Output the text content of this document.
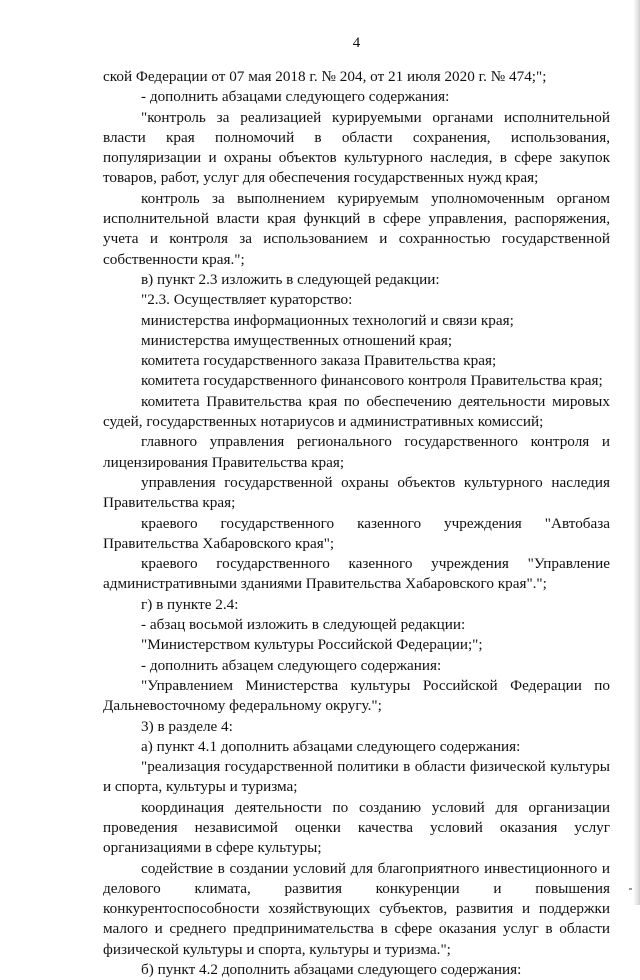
4

ской Федерации от 07 мая 2018 г. № 204, от 21 июля 2020 г. № 474;";

- дополнить абзацами следующего содержания:

"контроль за реализацией курируемыми органами исполнительной власти края полномочий в области сохранения, использования, популяризации и охраны объектов культурного наследия, в сфере закупок товаров, работ, услуг для обеспечения государственных нужд края;

контроль за выполнением курируемым уполномоченным органом исполнительной власти края функций в сфере управления, распоряжения, учета и контроля за использованием и сохранностью государственной собственности края.";

в) пункт 2.3 изложить в следующей редакции:

"2.3. Осуществляет кураторство:

министерства информационных технологий и связи края;

министерства имущественных отношений края;

комитета государственного заказа Правительства края;

комитета государственного финансового контроля Правительства края;

комитета Правительства края по обеспечению деятельности мировых судей, государственных нотариусов и административных комиссий;

главного управления регионального государственного контроля и лицензирования Правительства края;

управления государственной охраны объектов культурного наследия Правительства края;

краевого государственного казенного учреждения "Автобаза Правительства Хабаровского края";

краевого государственного казенного учреждения "Управление административными зданиями Правительства Хабаровского края".";

г) в пункте 2.4:

- абзац восьмой изложить в следующей редакции:

"Министерством культуры Российской Федерации;";

- дополнить абзацем следующего содержания:

"Управлением Министерства культуры Российской Федерации по Дальневосточному федеральному округу.";

3) в разделе 4:

а) пункт 4.1 дополнить абзацами следующего содержания:

"реализация государственной политики в области физической культуры и спорта, культуры и туризма;

координация деятельности по созданию условий для организации проведения независимой оценки качества условий оказания услуг организациями в сфере культуры;

содействие в создании условий для благоприятного инвестиционного и делового климата, развития конкуренции и повышения конкурентоспособности хозяйствующих субъектов, развития и поддержки малого и среднего предпринимательства в сфере оказания услуг в области физической культуры и спорта, культуры и туризма.";

б) пункт 4.2 дополнить абзацами следующего содержания:
